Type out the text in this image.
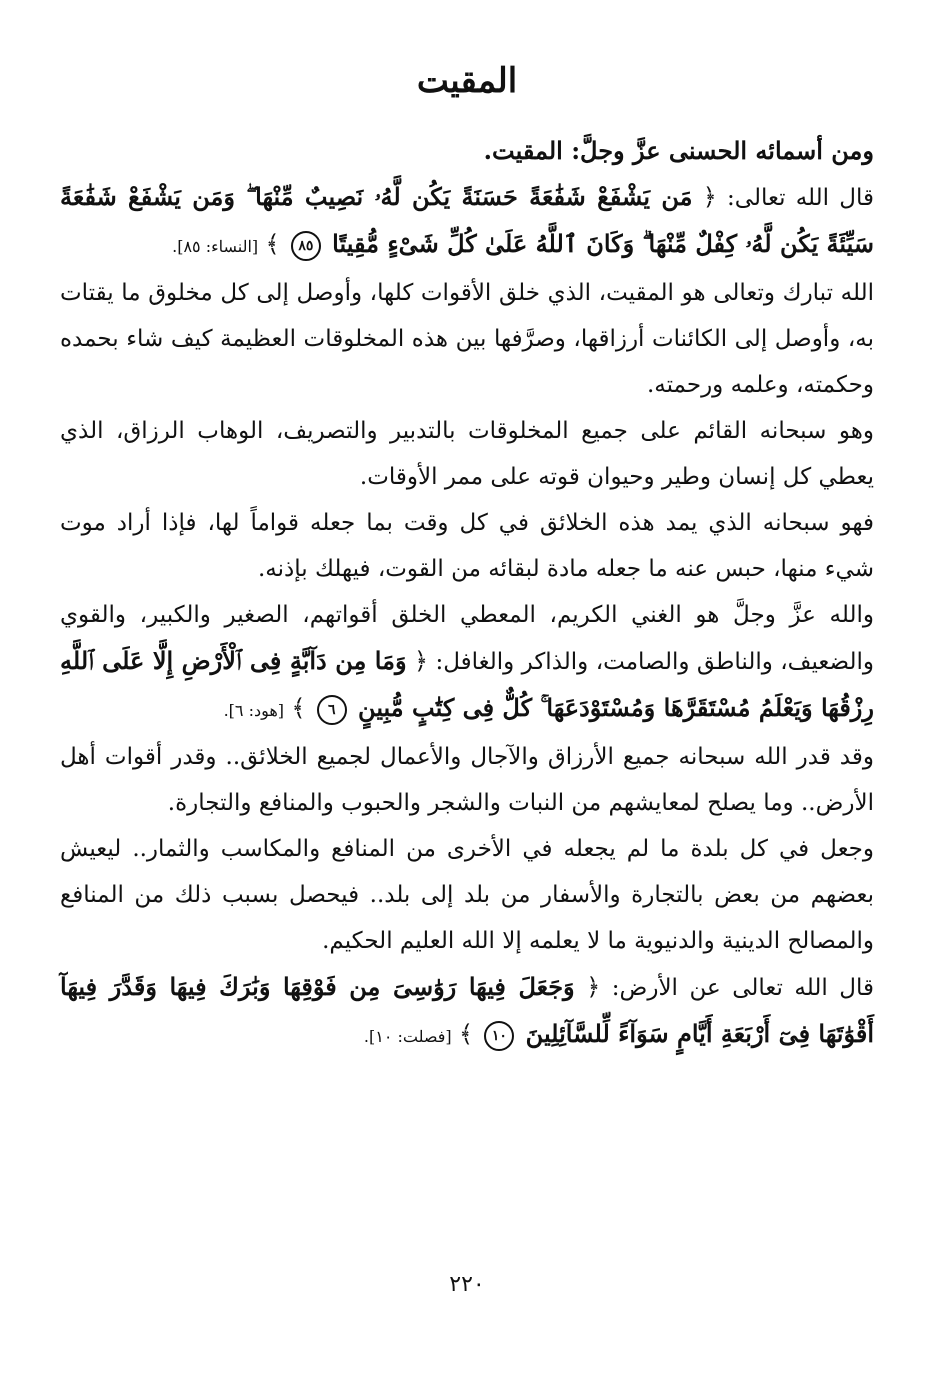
المقيت

ومن أسمائه الحسنى عزَّ وجلَّ: المقيت.

قال الله تعالى: ﴿ مَن يَشْفَعْ شَفَٰعَةً حَسَنَةً يَكُن لَّهُۥ نَصِيبٌ مِّنْهَا ۖ وَمَن يَشْفَعْ شَفَٰعَةً سَيِّئَةً يَكُن لَّهُۥ كِفْلٌ مِّنْهَا ۗ وَكَانَ ٱللَّهُ عَلَىٰ كُلِّ شَىْءٍ مُّقِيتًا ٨٥ ﴾ [النساء: ٨٥].

الله تبارك وتعالى هو المقيت، الذي خلق الأقوات كلها، وأوصل إلى كل مخلوق ما يقتات به، وأوصل إلى الكائنات أرزاقها، وصرَّفها بين هذه المخلوقات العظيمة كيف شاء بحمده وحكمته، وعلمه ورحمته.

وهو سبحانه القائم على جميع المخلوقات بالتدبير والتصريف، الوهاب الرزاق، الذي يعطي كل إنسان وطير وحيوان قوته على ممر الأوقات.

فهو سبحانه الذي يمد هذه الخلائق في كل وقت بما جعله قواماً لها، فإذا أراد موت شيء منها، حبس عنه ما جعله مادة لبقائه من القوت، فيهلك بإذنه.

والله عزَّ وجلَّ هو الغني الكريم، المعطي الخلق أقواتهم، الصغير والكبير، والقوي والضعيف، والناطق والصامت، والذاكر والغافل: ﴿ وَمَا مِن دَآبَّةٍ فِى ٱلْأَرْضِ إِلَّا عَلَى ٱللَّهِ رِزْقُهَا وَيَعْلَمُ مُسْتَقَرَّهَا وَمُسْتَوْدَعَهَا ۚ كُلٌّ فِى كِتَٰبٍ مُّبِينٍ ٦ ﴾ [هود: ٦].

وقد قدر الله سبحانه جميع الأرزاق والآجال والأعمال لجميع الخلائق.. وقدر أقوات أهل الأرض.. وما يصلح لمعايشهم من النبات والشجر والحبوب والمنافع والتجارة.

وجعل في كل بلدة ما لم يجعله في الأخرى من المنافع والمكاسب والثمار.. ليعيش بعضهم من بعض بالتجارة والأسفار من بلد إلى بلد.. فيحصل بسبب ذلك من المنافع والمصالح الدينية والدنيوية ما لا يعلمه إلا الله العليم الحكيم.

قال الله تعالى عن الأرض: ﴿ وَجَعَلَ فِيهَا رَوَٰسِىَ مِن فَوْقِهَا وَبَٰرَكَ فِيهَا وَقَدَّرَ فِيهَآ أَقْوَٰتَهَا فِىٓ أَرْبَعَةِ أَيَّامٍ سَوَآءً لِّلسَّآئِلِينَ ١٠ ﴾ [فصلت: ١٠].

٢٢٠
